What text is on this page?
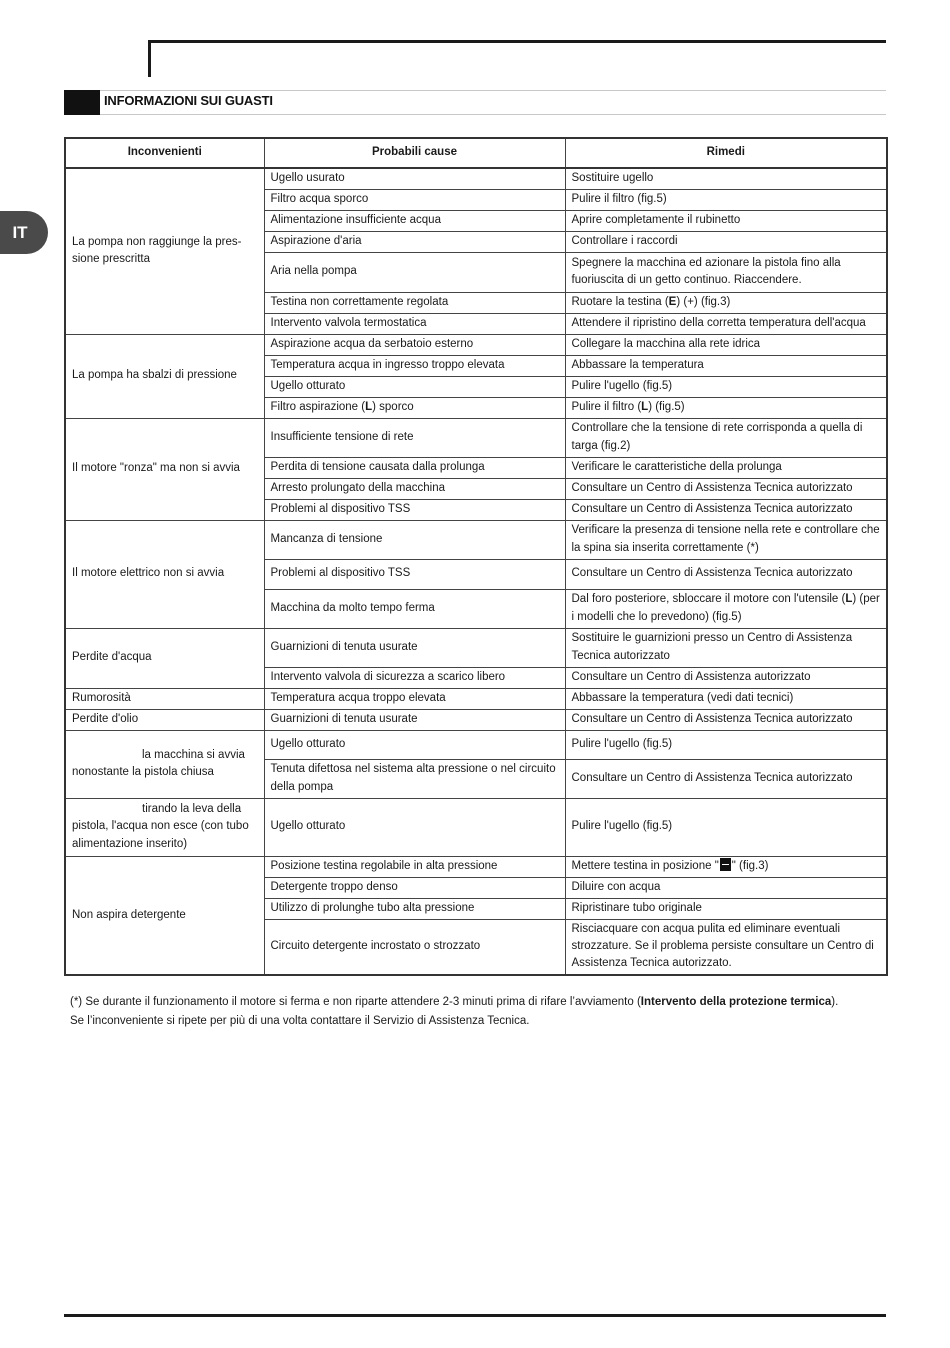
INFORMAZIONI SUI GUASTI
IT
Inconvenienti	Probabili cause	Rimedi
La pompa non raggiunge la pres-sione prescritta	Ugello usurato	Sostituire ugello
	Filtro acqua sporco	Pulire il filtro (fig.5)
	Alimentazione insufficiente acqua	Aprire completamente il rubinetto
	Aspirazione d'aria	Controllare i raccordi
	Aria nella pompa	Spegnere la macchina ed azionare la pistola fino alla fuoriuscita di un getto continuo. Riaccendere.
	Testina non correttamente regolata	Ruotare la testina (E) (+) (fig.3)
	Intervento valvola termostatica	Attendere il ripristino della corretta temperatura dell'acqua
La pompa ha sbalzi di pressione	Aspirazione acqua da serbatoio esterno	Collegare la macchina alla rete idrica
	Temperatura acqua in ingresso troppo elevata	Abbassare la temperatura
	Ugello otturato	Pulire l'ugello (fig.5)
	Filtro aspirazione (L) sporco	Pulire il filtro (L) (fig.5)
Il motore "ronza" ma non si avvia	Insufficiente tensione di rete	Controllare che la tensione di rete corrisponda a quella di targa (fig.2)
	Perdita di tensione causata dalla prolunga	Verificare le caratteristiche della prolunga
	Arresto prolungato della macchina	Consultare un Centro di Assistenza Tecnica autorizzato
	Problemi al dispositivo TSS	Consultare un Centro di Assistenza Tecnica autorizzato
Il motore elettrico non si avvia	Mancanza di tensione	Verificare la presenza di tensione nella rete e controllare che la spina sia inserita correttamente (*)
	Problemi al dispositivo TSS	Consultare un Centro di Assistenza Tecnica autorizzato
	Macchina da molto tempo ferma	Dal foro posteriore, sbloccare il motore con l'utensile (L) (per i modelli che lo prevedono) (fig.5)
Perdite d'acqua	Guarnizioni di tenuta usurate	Sostituire le guarnizioni presso un Centro di Assistenza Tecnica autorizzato
	Intervento valvola di sicurezza a scarico libero	Consultare un Centro di Assistenza autorizzato
Rumorosità	Temperatura acqua troppo elevata	Abbassare la temperatura (vedi dati tecnici)
Perdite d'olio	Guarnizioni di tenuta usurate	Consultare un Centro di Assistenza Tecnica autorizzato
la macchina si avvia nonostante la pistola chiusa	Ugello otturato	Pulire l'ugello (fig.5)
	Tenuta difettosa nel sistema alta pressione o nel circuito della pompa	Consultare un Centro di Assistenza Tecnica autorizzato
tirando la leva della pistola, l'acqua non esce (con tubo alimentazione inserito)	Ugello otturato	Pulire l'ugello (fig.5)
Non aspira detergente	Posizione testina regolabile in alta pressione	Mettere testina in posizione " " (fig.3)
	Detergente troppo denso	Diluire con acqua
	Utilizzo di prolunghe tubo alta pressione	Ripristinare tubo originale
	Circuito detergente incrostato o strozzato	Risciacquare con acqua pulita ed eliminare eventuali strozzature. Se il problema persiste consultare un Centro di Assistenza Tecnica autorizzato.
(*) Se durante il funzionamento il motore si ferma e non riparte attendere 2-3 minuti prima di rifare l’avviamento (Intervento della protezione termica).
Se l’inconveniente si ripete per più di una volta contattare il Servizio di Assistenza Tecnica.
